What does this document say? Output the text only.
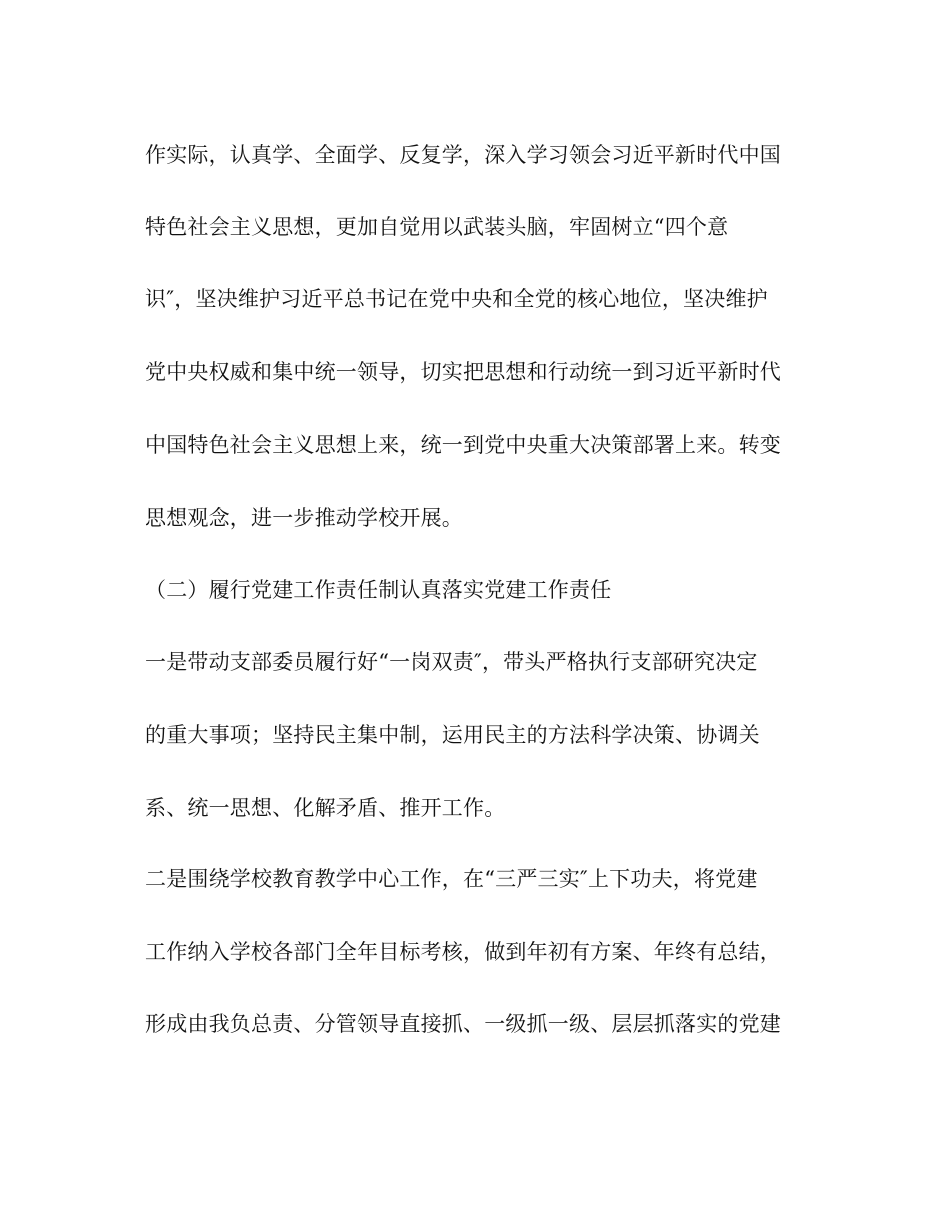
作实际，认真学、全面学、反复学，深入学习领会习近平新时代中国
特色社会主义思想，更加自觉用以武装头脑，牢固树立“四个意
识″，坚决维护习近平总书记在党中央和全党的核心地位，坚决维护
党中央权威和集中统一领导，切实把思想和行动统一到习近平新时代
中国特色社会主义思想上来，统一到党中央重大决策部署上来。转变
思想观念，进一步推动学校开展。
（二）履行党建工作责任制认真落实党建工作责任
一是带动支部委员履行好“一岗双责″，带头严格执行支部研究决定
的重大事项；坚持民主集中制，运用民主的方法科学决策、协调关
系、统一思想、化解矛盾、推开工作。
二是围绕学校教育教学中心工作，在“三严三实″上下功夫，将党建
工作纳入学校各部门全年目标考核，做到年初有方案、年终有总结，
形成由我负总责、分管领导直接抓、一级抓一级、层层抓落实的党建
